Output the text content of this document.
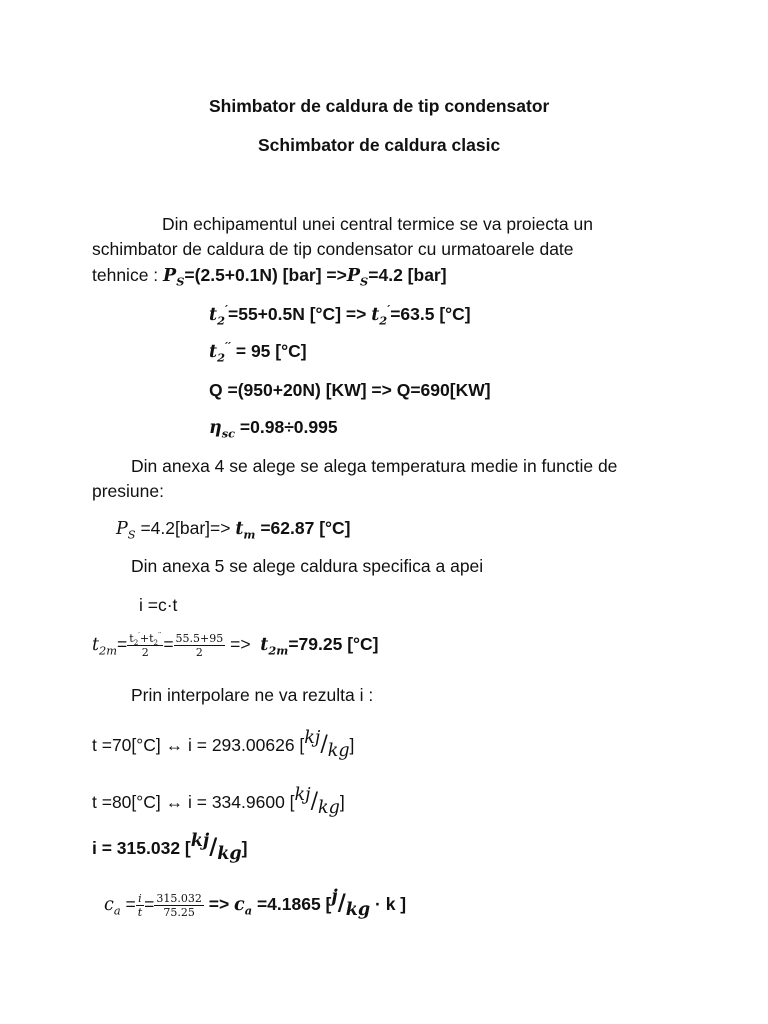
Shimbator de caldura de tip condensator
Schimbator de caldura clasic
Din echipamentul unei central termice se va proiecta un
schimbator de caldura de tip condensator cu urmatoarele date
tehnice : $P_S=(2.5+0.1N)$ $[bar] =>P_S=4.2$ [bar]
$t_2'=55+0.5N$ $[^\circ C] => t_2'=63.5$ [°C]
$t_2'' = 95$ [°C]
Q =(950+20N) [KW] => Q=690[KW]
$\eta_{sc} =0.98\div 0.995$
Din anexa 4 se alege se alega temperatura medie in functie de
presiune:
$P_S =4.2[bar]=> t_m =62.87$ [°C]
Din anexa 5 se alege caldura specifica a apei
i =c·t
$t_{2m}= \frac{t_2'+t_2''}{2} = \frac{55.5+95}{2} => t_{2m}=79.25$ [°C]
Prin interpolare ne va rezulta i :
t =70[°C] ↔ i = 293.00626 [kj/kg]
t =80[°C] ↔ i = 334.9600 [kj/kg]
i = 315.032 [kj/kg]
$c_a = \frac{i}{t} = \frac{315.032}{75.25} => c_a =4.1865$ [j/kg · k ]
